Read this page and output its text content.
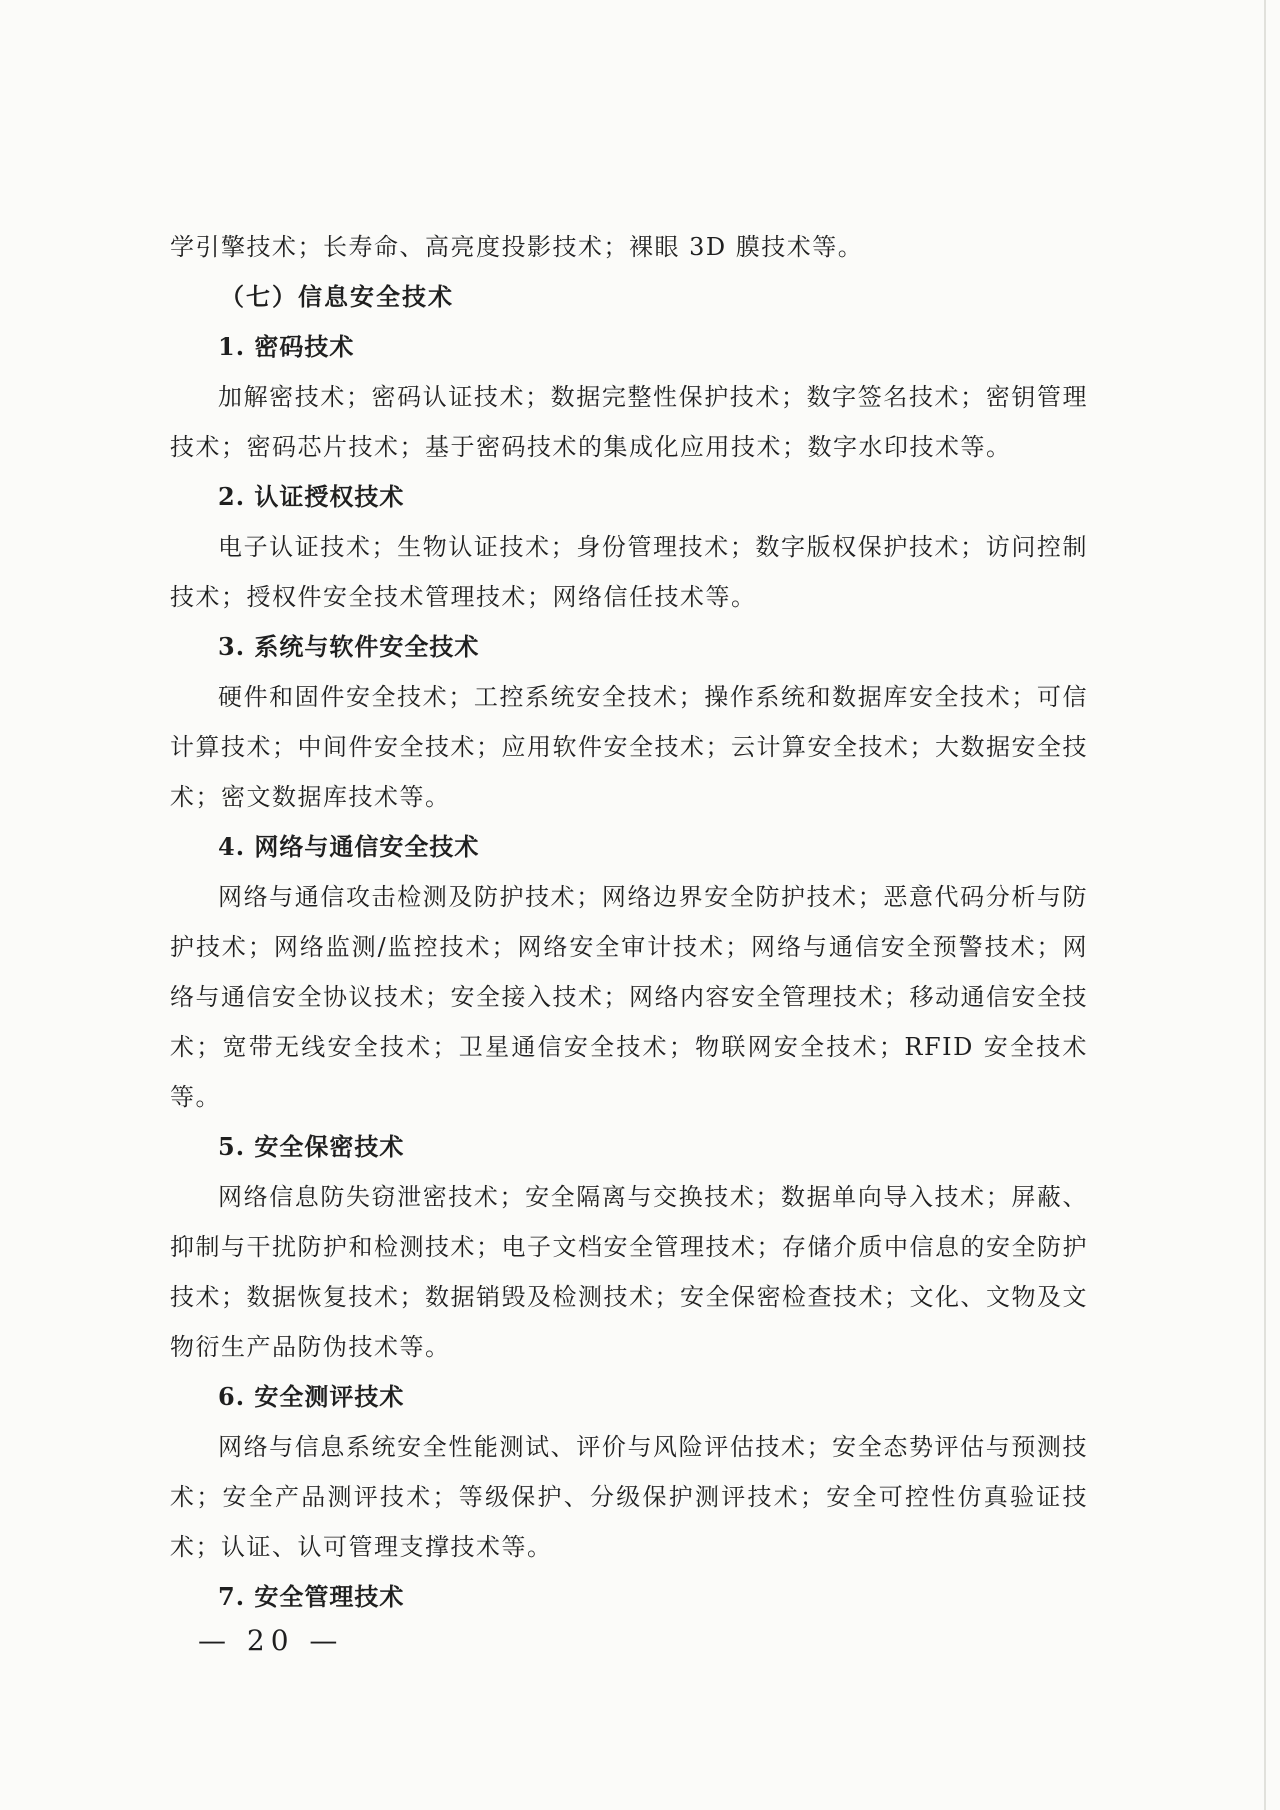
学引擎技术；长寿命、高亮度投影技术；裸眼 3D 膜技术等。

（七）信息安全技术
1. 密码技术

加解密技术；密码认证技术；数据完整性保护技术；数字签名技术；密钥管理技术；密码芯片技术；基于密码技术的集成化应用技术；数字水印技术等。

2. 认证授权技术

电子认证技术；生物认证技术；身份管理技术；数字版权保护技术；访问控制技术；授权件安全技术管理技术；网络信任技术等。

3. 系统与软件安全技术

硬件和固件安全技术；工控系统安全技术；操作系统和数据库安全技术；可信计算技术；中间件安全技术；应用软件安全技术；云计算安全技术；大数据安全技术；密文数据库技术等。

4. 网络与通信安全技术

网络与通信攻击检测及防护技术；网络边界安全防护技术；恶意代码分析与防护技术；网络监测/监控技术；网络安全审计技术；网络与通信安全预警技术；网络与通信安全协议技术；安全接入技术；网络内容安全管理技术；移动通信安全技术；宽带无线安全技术；卫星通信安全技术；物联网安全技术；RFID 安全技术等。

5. 安全保密技术

网络信息防失窃泄密技术；安全隔离与交换技术；数据单向导入技术；屏蔽、抑制与干扰防护和检测技术；电子文档安全管理技术；存储介质中信息的安全防护技术；数据恢复技术；数据销毁及检测技术；安全保密检查技术；文化、文物及文物衍生产品防伪技术等。

6. 安全测评技术

网络与信息系统安全性能测试、评价与风险评估技术；安全态势评估与预测技术；安全产品测评技术；等级保护、分级保护测评技术；安全可控性仿真验证技术；认证、认可管理支撑技术等。

7. 安全管理技术
— 20 —
